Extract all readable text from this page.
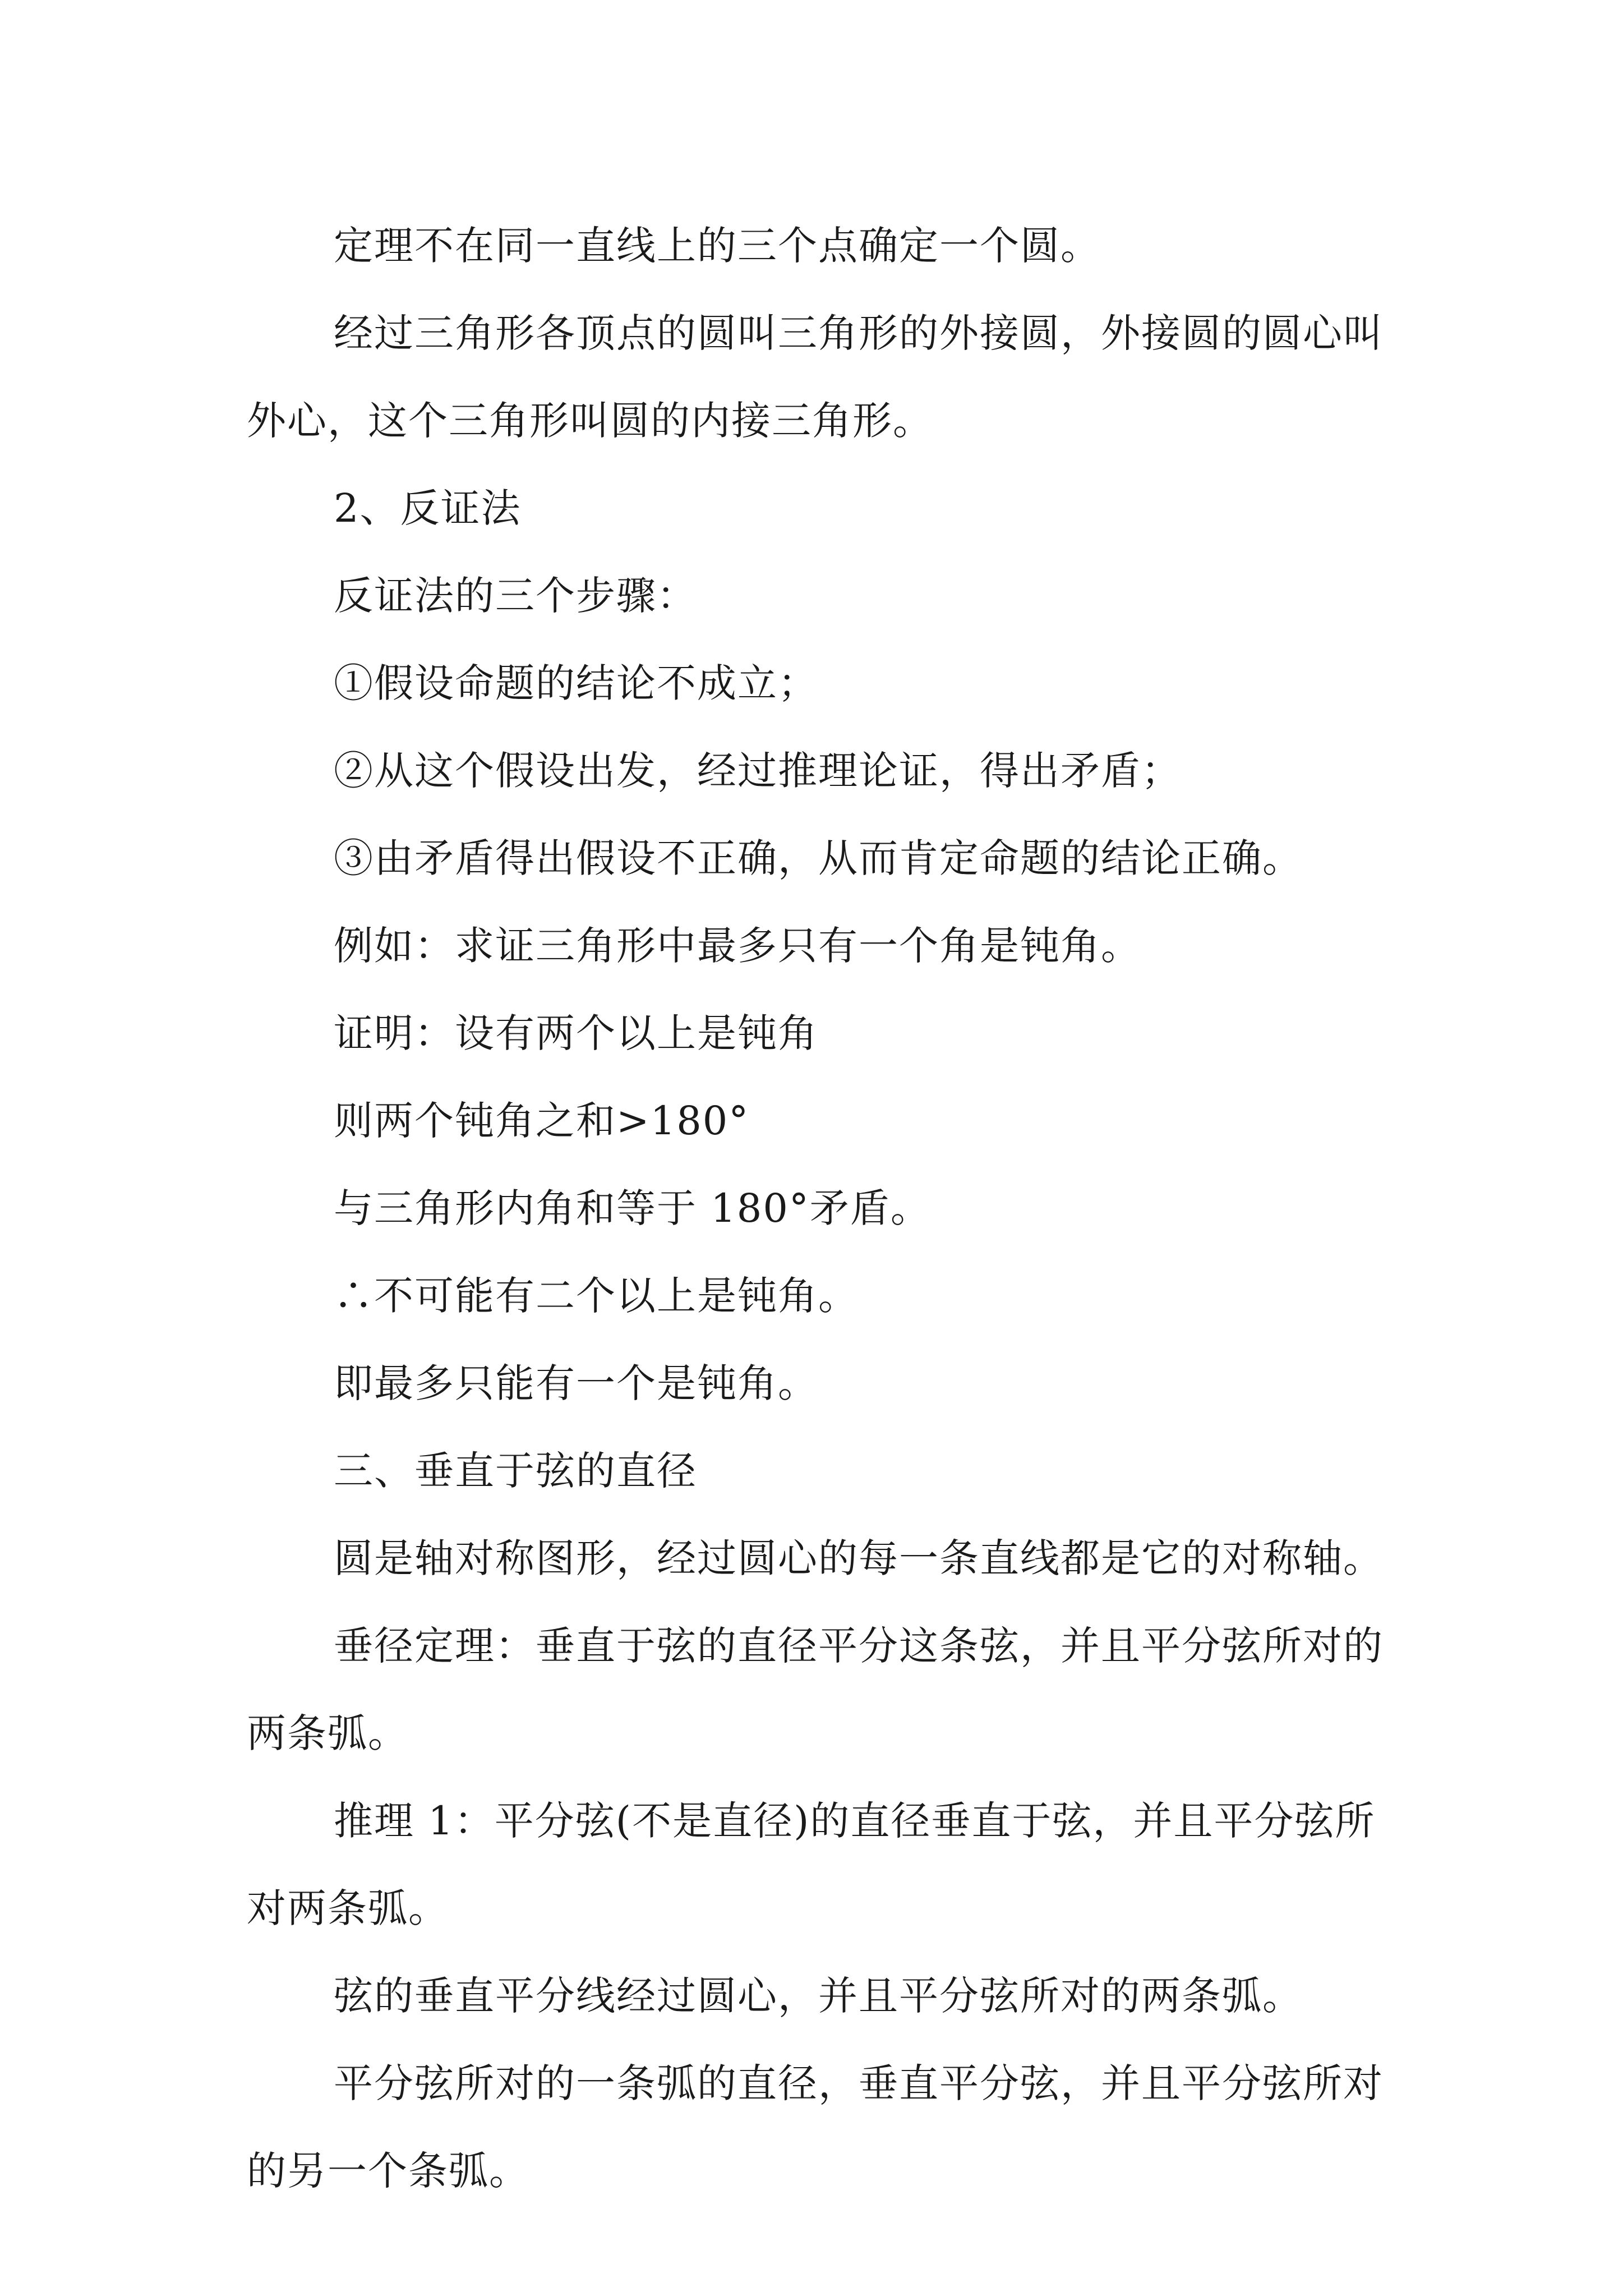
定理不在同一直线上的三个点确定一个圆。

经过三角形各顶点的圆叫三角形的外接圆，外接圆的圆心叫外心，这个三角形叫圆的内接三角形。

2、反证法

反证法的三个步骤：

①假设命题的结论不成立；

②从这个假设出发，经过推理论证，得出矛盾；

③由矛盾得出假设不正确，从而肯定命题的结论正确。

例如：求证三角形中最多只有一个角是钝角。

证明：设有两个以上是钝角

则两个钝角之和>180°

与三角形内角和等于 180°矛盾。

∴不可能有二个以上是钝角。

即最多只能有一个是钝角。

三、垂直于弦的直径

圆是轴对称图形，经过圆心的每一条直线都是它的对称轴。

垂径定理：垂直于弦的直径平分这条弦，并且平分弦所对的两条弧。

推理 1：平分弦(不是直径)的直径垂直于弦，并且平分弦所对两条弧。

弦的垂直平分线经过圆心，并且平分弦所对的两条弧。

平分弦所对的一条弧的直径，垂直平分弦，并且平分弦所对的另一个条弧。
